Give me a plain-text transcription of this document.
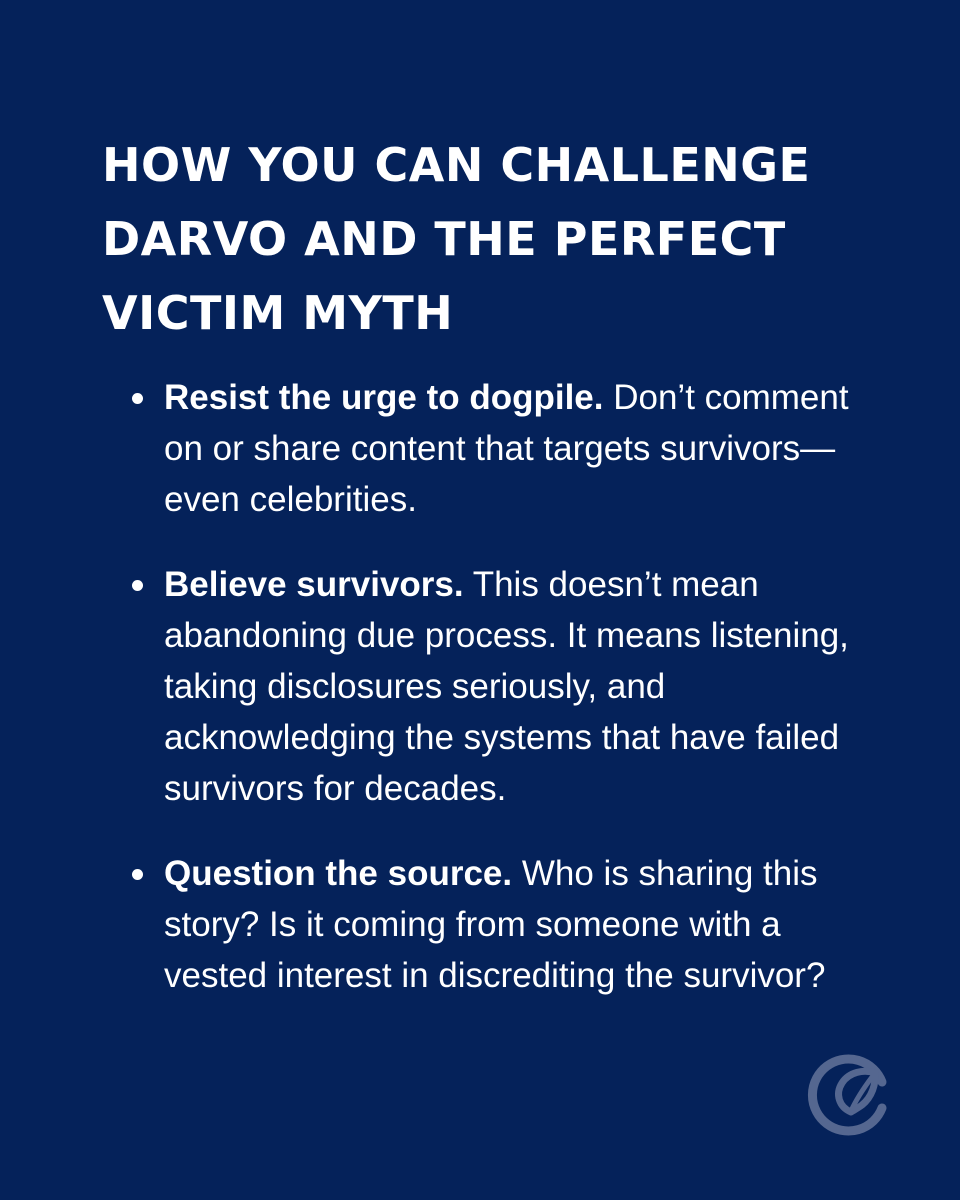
HOW YOU CAN CHALLENGE DARVO AND THE PERFECT VICTIM MYTH
Resist the urge to dogpile. Don’t comment on or share content that targets survivors—even celebrities.
Believe survivors. This doesn’t mean abandoning due process. It means listening, taking disclosures seriously, and acknowledging the systems that have failed survivors for decades.
Question the source. Who is sharing this story? Is it coming from someone with a vested interest in discrediting the survivor?
